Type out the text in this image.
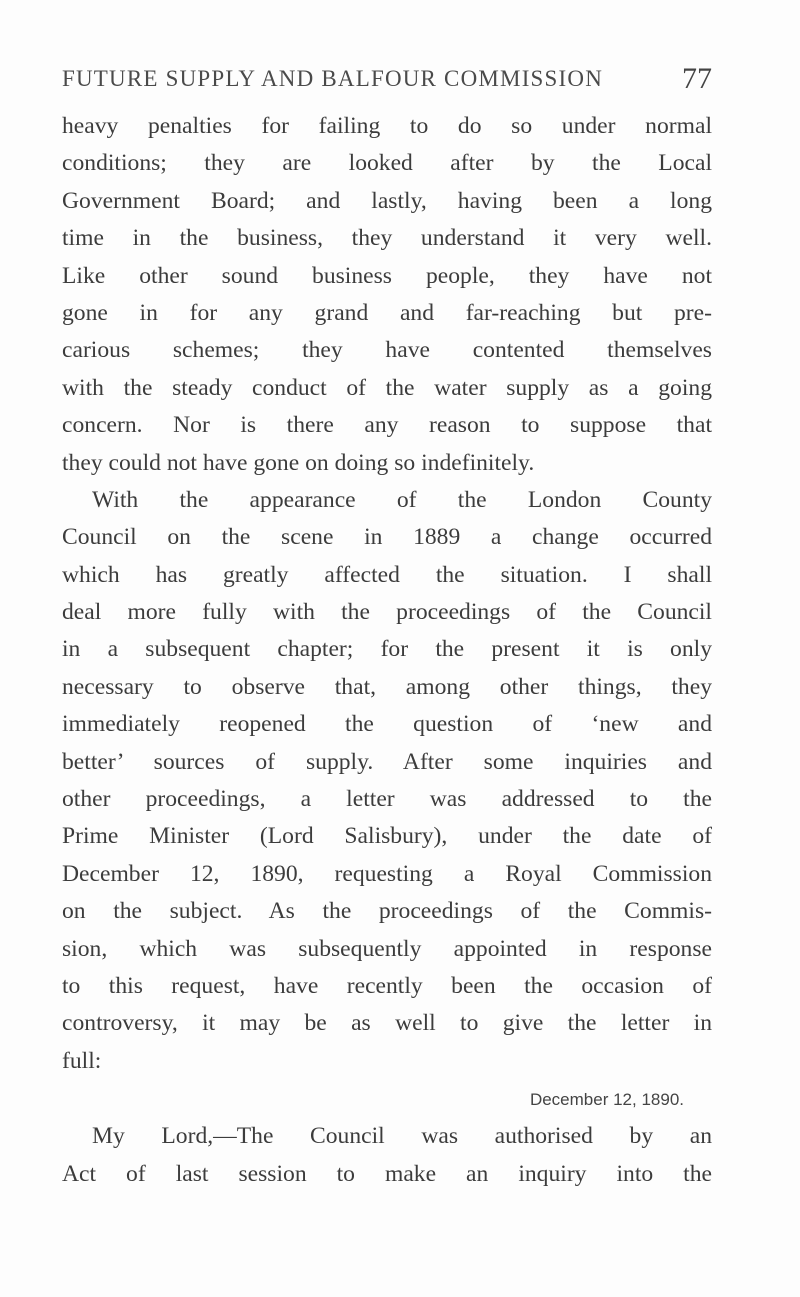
FUTURE SUPPLY AND BALFOUR COMMISSION	77
heavy penalties for failing to do so under normal
conditions; they are looked after by the Local
Government Board; and lastly, having been a long
time in the business, they understand it very well.
Like other sound business people, they have not
gone in for any grand and far-reaching but pre-
carious schemes; they have contented themselves
with the steady conduct of the water supply as a going
concern. Nor is there any reason to suppose that
they could not have gone on doing so indefinitely.
With the appearance of the London County
Council on the scene in 1889 a change occurred
which has greatly affected the situation. I shall
deal more fully with the proceedings of the Council
in a subsequent chapter; for the present it is only
necessary to observe that, among other things, they
immediately reopened the question of ‘new and
better’ sources of supply. After some inquiries and
other proceedings, a letter was addressed to the
Prime Minister (Lord Salisbury), under the date of
December 12, 1890, requesting a Royal Commission
on the subject. As the proceedings of the Commis-
sion, which was subsequently appointed in response
to this request, have recently been the occasion of
controversy, it may be as well to give the letter in
full:
December 12, 1890.
My Lord,—The Council was authorised by an
Act of last session to make an inquiry into the
